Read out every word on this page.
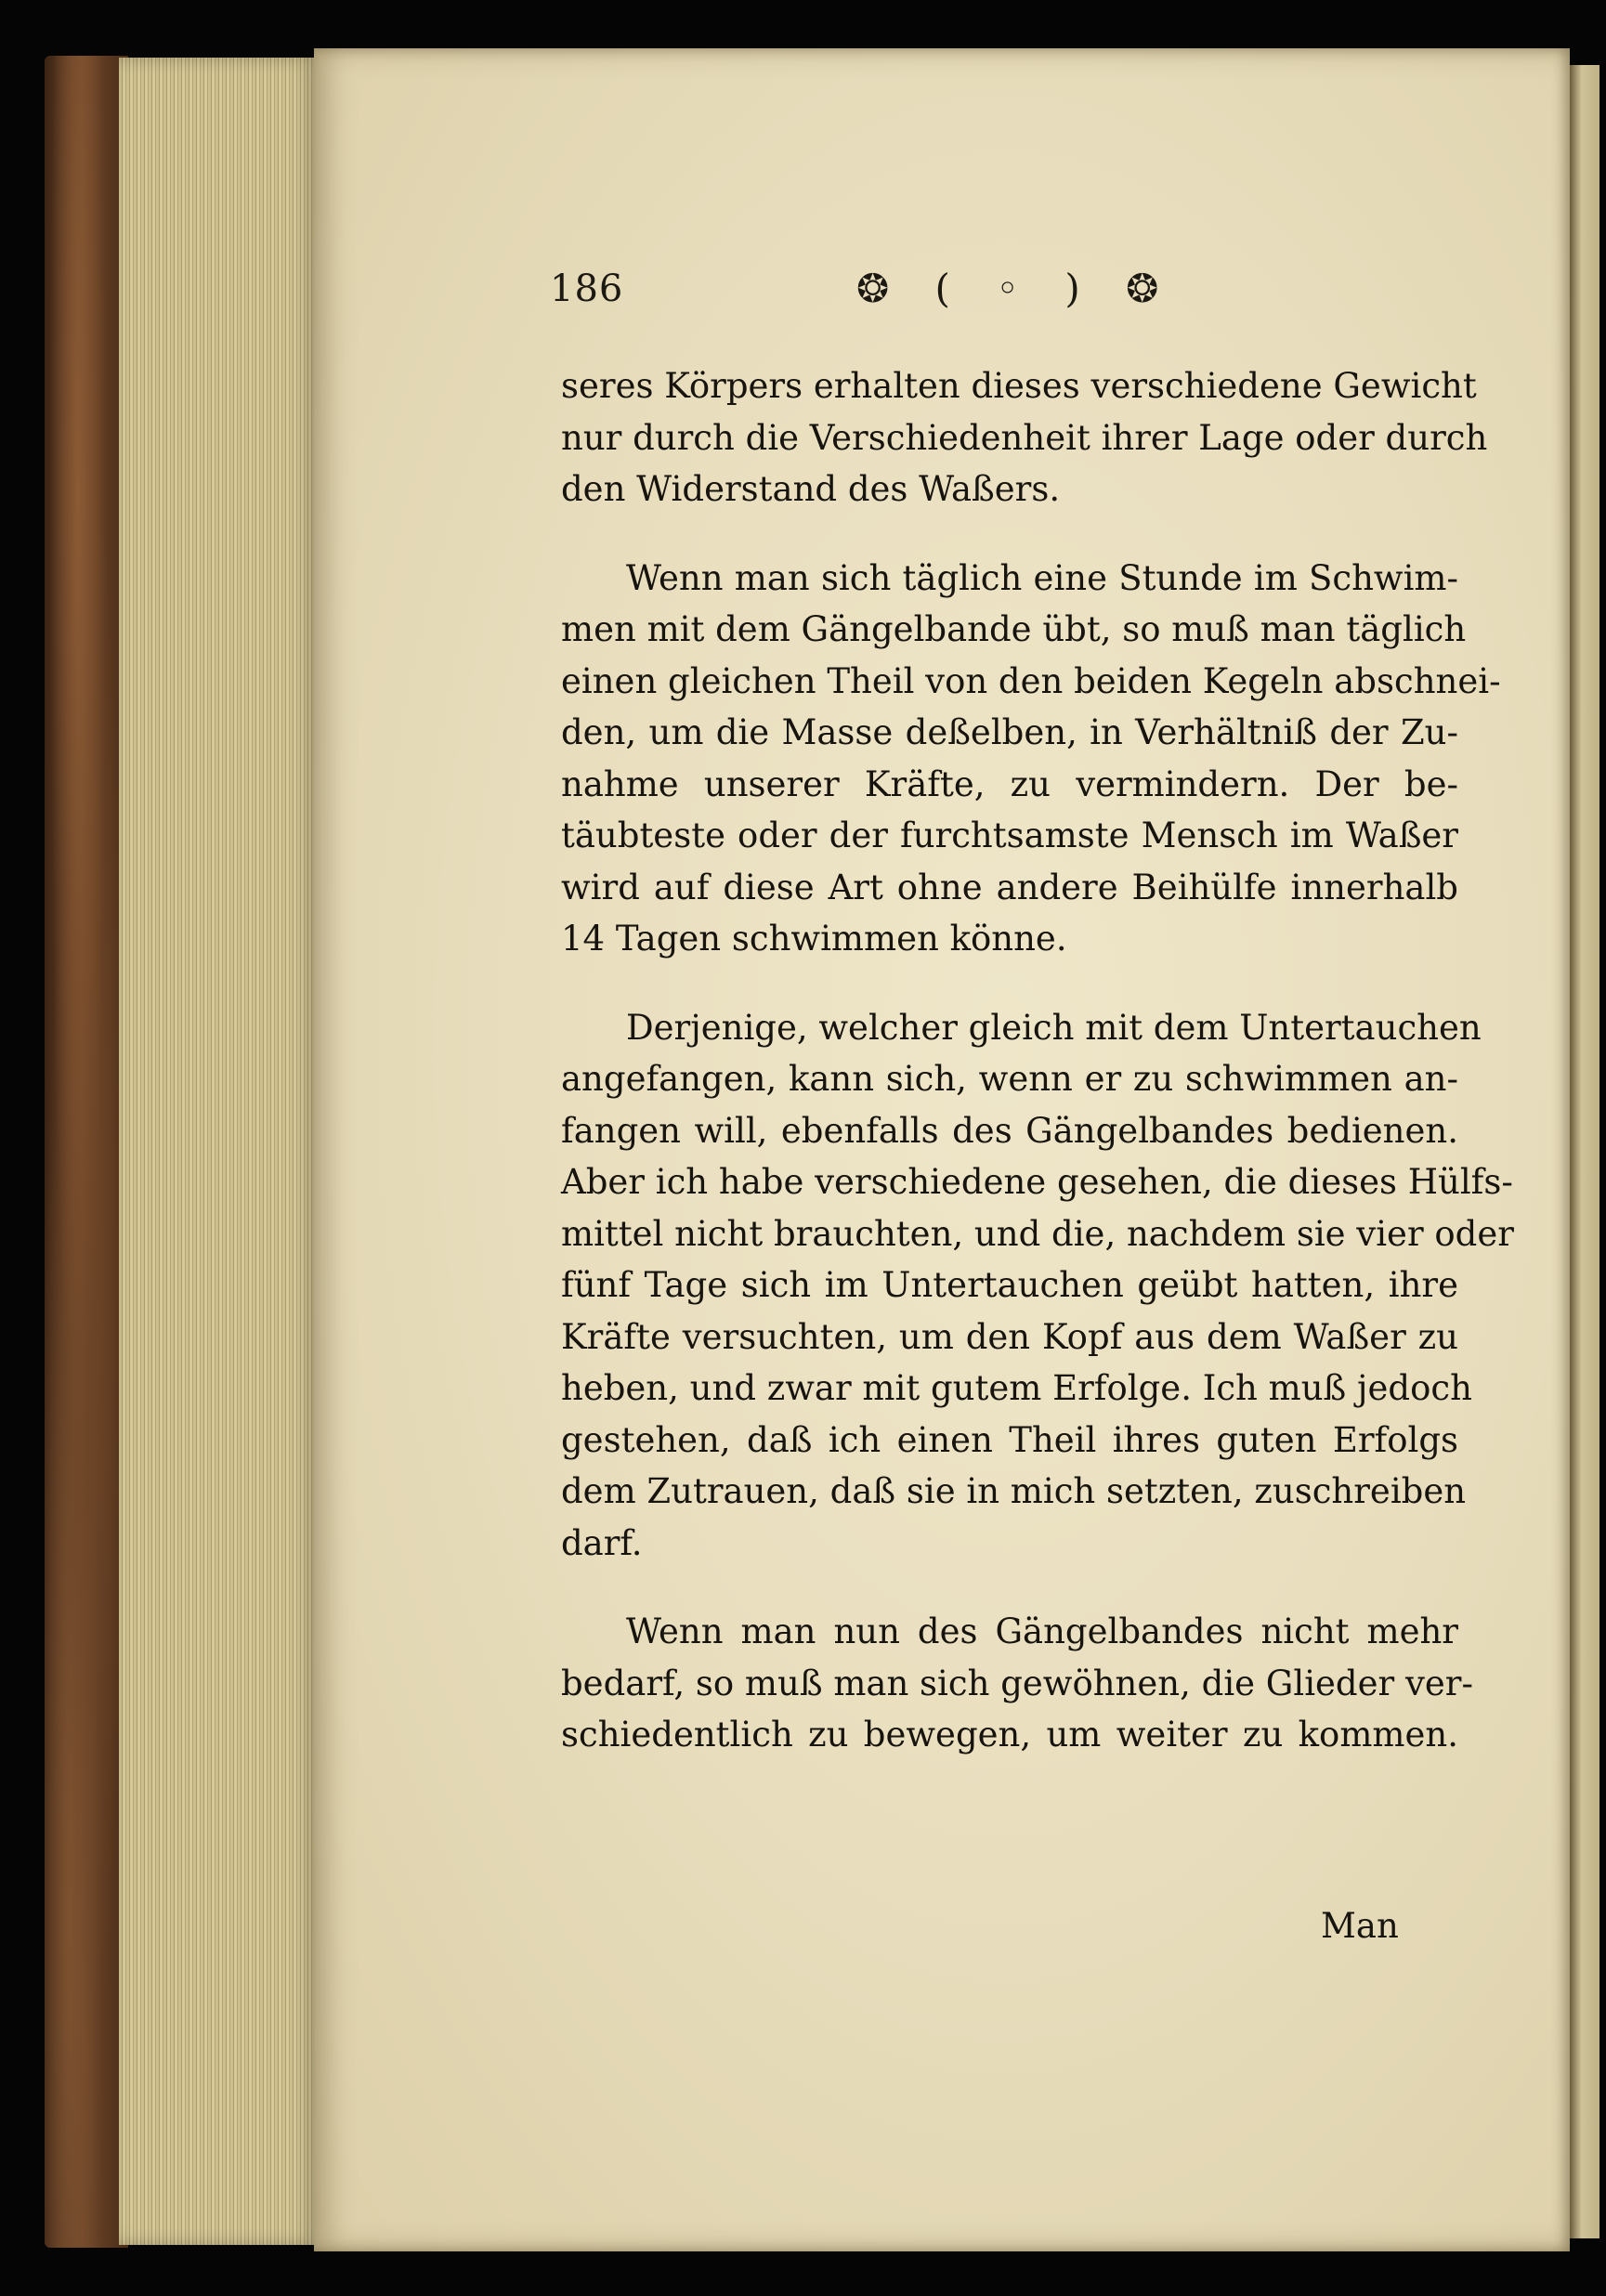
186	❂ ( ◦ ) ❂
seres Körpers erhalten dieses verschiedene Gewicht
nur durch die Verschiedenheit ihrer Lage oder durch
den Widerstand des Waßers.
Wenn man sich täglich eine Stunde im Schwim-
men mit dem Gängelbande übt, so muß man täglich
einen gleichen Theil von den beiden Kegeln abschnei-
den, um die Masse deßelben, in Verhältniß der Zu-
nahme unserer Kräfte, zu vermindern. Der be-
täubteste oder der furchtsamste Mensch im Waßer
wird auf diese Art ohne andere Beihülfe innerhalb
14 Tagen schwimmen könne.
Derjenige, welcher gleich mit dem Untertauchen
angefangen, kann sich, wenn er zu schwimmen an-
fangen will, ebenfalls des Gängelbandes bedienen.
Aber ich habe verschiedene gesehen, die dieses Hülfs-
mittel nicht brauchten, und die, nachdem sie vier oder
fünf Tage sich im Untertauchen geübt hatten, ihre
Kräfte versuchten, um den Kopf aus dem Waßer zu
heben, und zwar mit gutem Erfolge. Ich muß jedoch
gestehen, daß ich einen Theil ihres guten Erfolgs
dem Zutrauen, daß sie in mich setzten, zuschreiben
darf.
Wenn man nun des Gängelbandes nicht mehr
bedarf, so muß man sich gewöhnen, die Glieder ver-
schiedentlich zu bewegen, um weiter zu kommen.
Man
